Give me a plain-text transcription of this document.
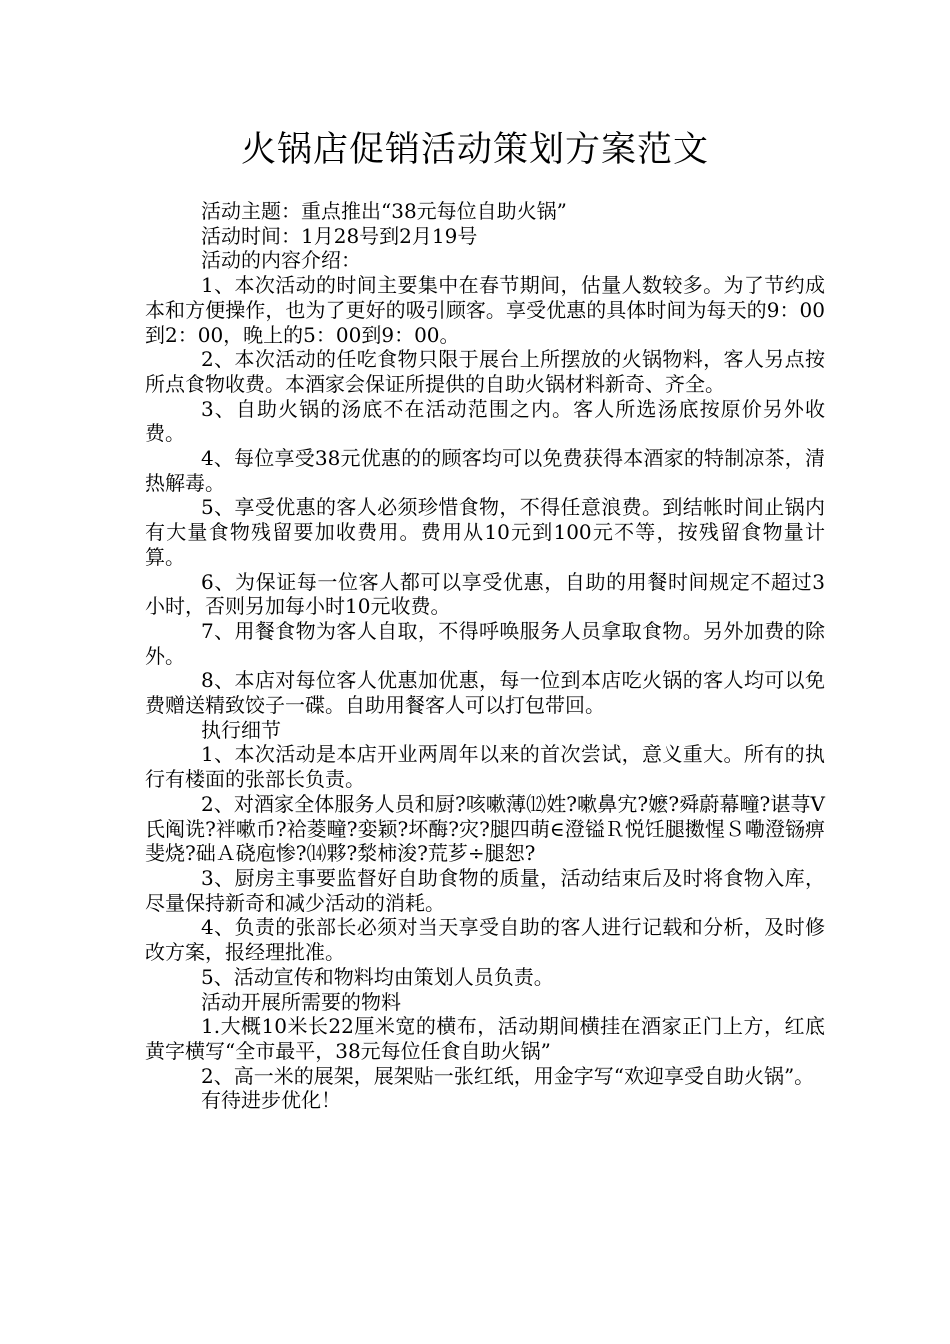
火锅店促销活动策划方案范文

活动主题：重点推出“38元每位自助火锅”

活动时间：1月28号到2月19号

活动的内容介绍：

1、本次活动的时间主要集中在春节期间，估量人数较多。为了节约成本和方便操作，也为了更好的吸引顾客。享受优惠的具体时间为每天的9：00到2：00，晚上的5：00到9：00。

2、本次活动的任吃食物只限于展台上所摆放的火锅物料，客人另点按所点食物收费。本酒家会保证所提供的自助火锅材料新奇、齐全。

3、自助火锅的汤底不在活动范围之内。客人所选汤底按原价另外收费。

4、每位享受38元优惠的的顾客均可以免费获得本酒家的特制凉茶，清热解毒。

5、享受优惠的客人必须珍惜食物，不得任意浪费。到结帐时间止锅内有大量食物残留要加收费用。费用从10元到100元不等，按残留食物量计算。

6、为保证每一位客人都可以享受优惠，自助的用餐时间规定不超过3小时，否则另加每小时10元收费。

7、用餐食物为客人自取，不得呼唤服务人员拿取食物。另外加费的除外。

8、本店对每位客人优惠加优惠，每一位到本店吃火锅的客人均可以免费赠送精致饺子一碟。自助用餐客人可以打包带回。

执行细节

1、本次活动是本店开业两周年以来的首次尝试，意义重大。所有的执行有楼面的张部长负责。

2、对酒家全体服务人员和厨?咳嗽薄⑿姓?嗽鼻宄?嬷?舜蔚幕疃?谌荨Ⅴ氏阄诜?袢嗽币?袷菱疃?娈颖?坏酶?灾?腿四萌∈澄镒Ｒ悦饪腿擞惺Ｓ嘞澄铴痹斐烧?础Ａ硗庖惨?⒁夥?湬柿浚?荒芗÷腿恕?

3、厨房主事要监督好自助食物的质量，活动结束后及时将食物入库，尽量保持新奇和减少活动的消耗。

4、负责的张部长必须对当天享受自助的客人进行记载和分析，及时修改方案，报经理批准。

5、活动宣传和物料均由策划人员负责。

活动开展所需要的物料

1.大概10米长22厘米宽的横布，活动期间横挂在酒家正门上方，红底黄字横写“全市最平，38元每位任食自助火锅”

2、高一米的展架，展架贴一张红纸，用金字写“欢迎享受自助火锅”。

有待进步优化！
